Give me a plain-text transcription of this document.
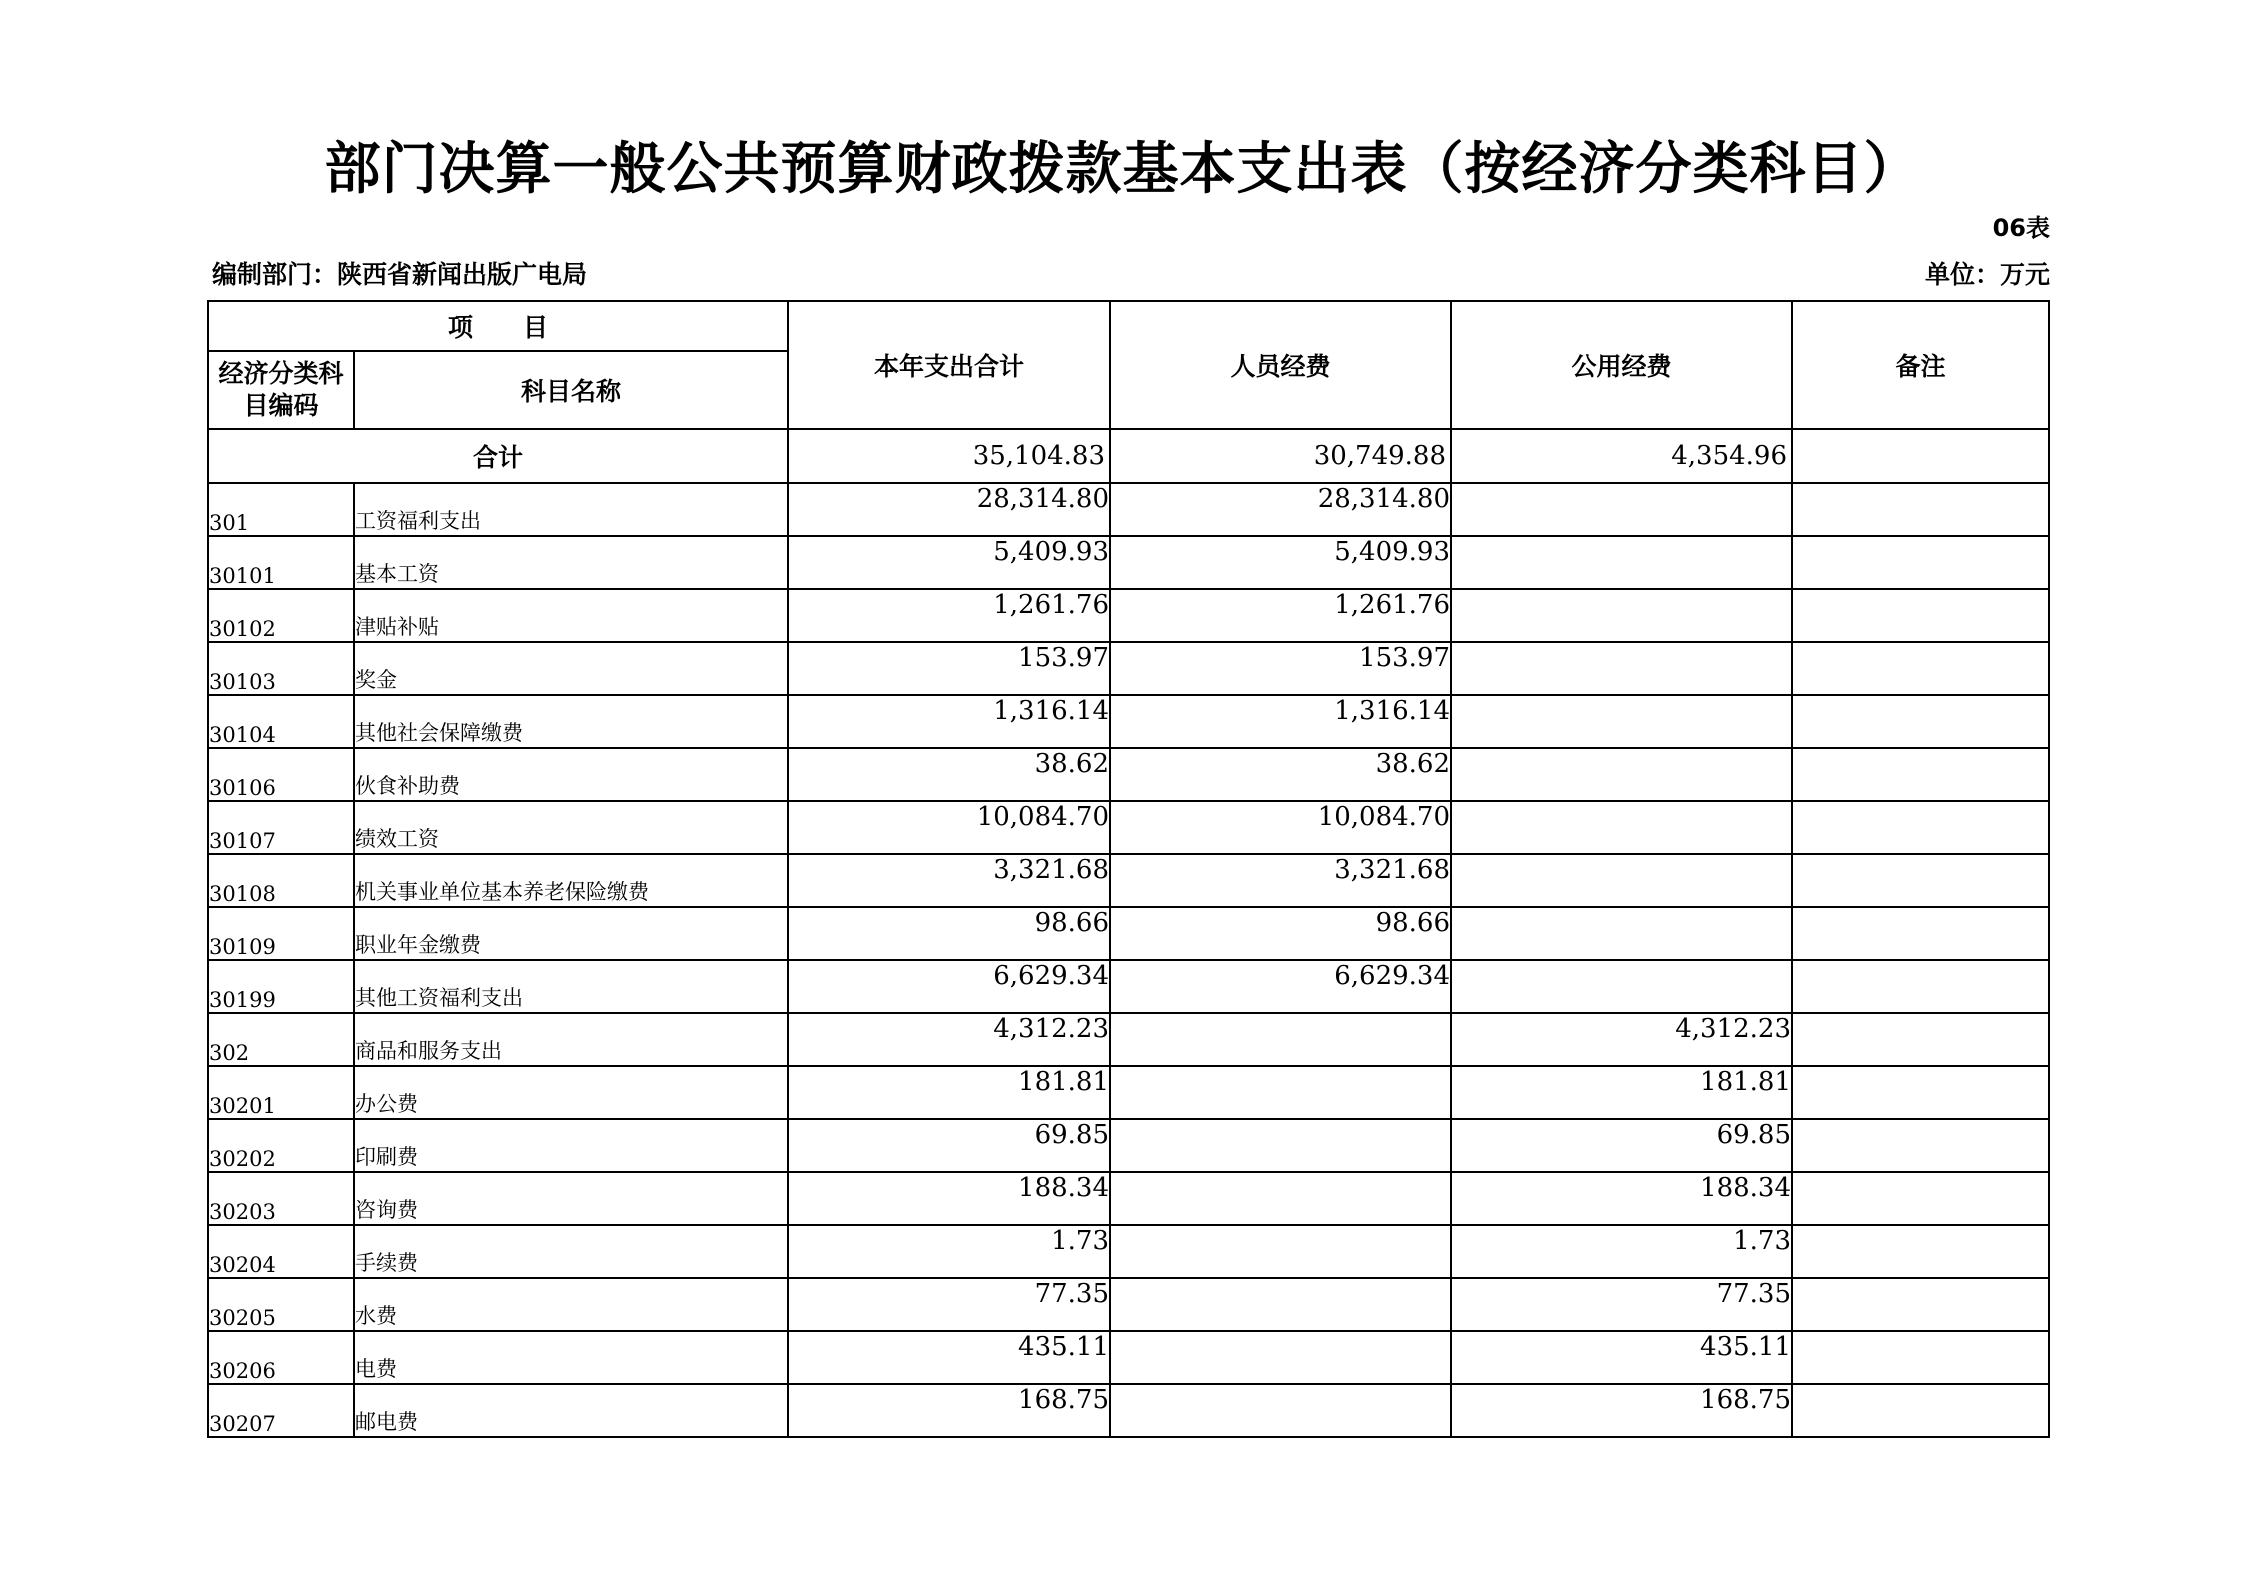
部门决算一般公共预算财政拨款基本支出表（按经济分类科目）
06表
编制部门：陕西省新闻出版广电局	单位：万元
项　　目		本年支出合计	人员经费	公用经费	备注
经济分类科目编码	科目名称				
合计		35,104.83	30,749.88	4,354.96	
301	工资福利支出	28,314.80	28,314.80		
30101	基本工资	5,409.93	5,409.93		
30102	津贴补贴	1,261.76	1,261.76		
30103	奖金	153.97	153.97		
30104	其他社会保障缴费	1,316.14	1,316.14		
30106	伙食补助费	38.62	38.62		
30107	绩效工资	10,084.70	10,084.70		
30108	机关事业单位基本养老保险缴费	3,321.68	3,321.68		
30109	职业年金缴费	98.66	98.66		
30199	其他工资福利支出	6,629.34	6,629.34		
302	商品和服务支出	4,312.23		4,312.23	
30201	办公费	181.81		181.81	
30202	印刷费	69.85		69.85	
30203	咨询费	188.34		188.34	
30204	手续费	1.73		1.73	
30205	水费	77.35		77.35	
30206	电费	435.11		435.11	
30207	邮电费	168.75		168.75	
